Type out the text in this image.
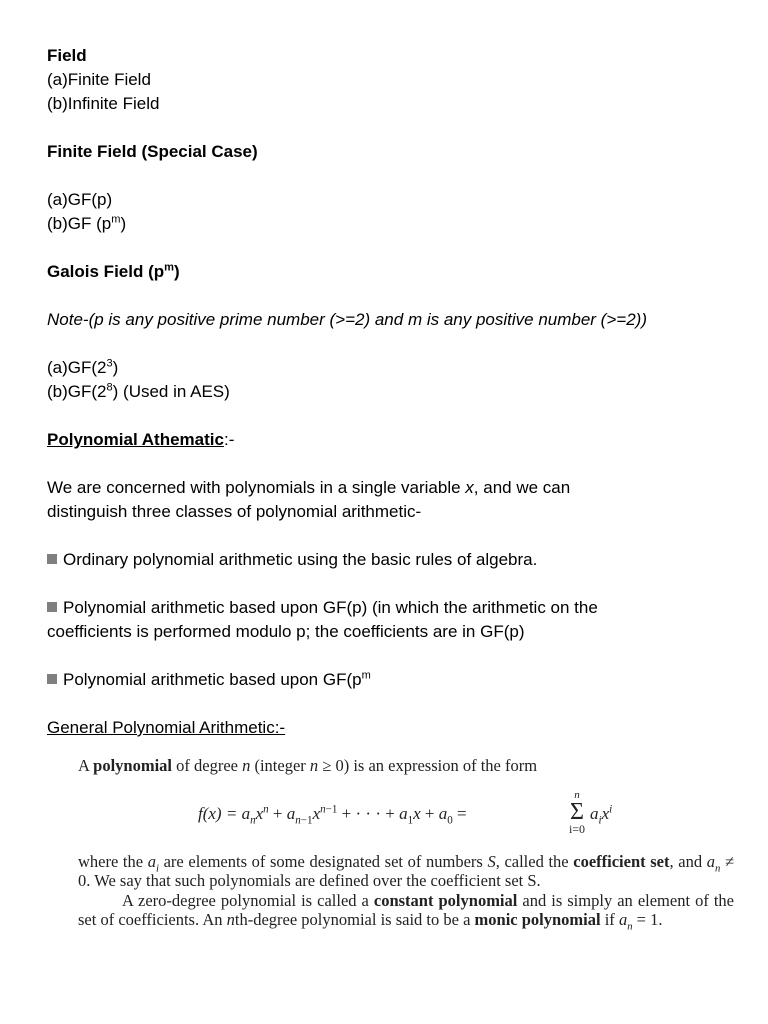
Field
(a)Finite Field
(b)Infinite Field
Finite Field (Special Case)
(a)GF(p)
(b)GF $(p^m)$
Galois Field $(p^m)$
Note-(p is any positive prime number (>=2) and m is any positive number (>=2))
$(a)GF(2^3)$
$(b)GF(2^8)$ (Used in AES)
Polynomial Athematic:-
We are concerned with polynomials in a single variable x, and we can
distinguish three classes of polynomial arithmetic-
Ordinary polynomial arithmetic using the basic rules of algebra.
Polynomial arithmetic based upon GF(p) (in which the arithmetic on the
coefficients is performed modulo p; the coefficients are in GF(p)
Polynomial arithmetic based upon $GF(p^m$
General Polynomial Arithmetic:-

A polynomial of degree n (integer n ≥ 0) is an expression of the form

$f(x) = a_nx^n + a_{n-1}x^{n-1}$ + · · · + $a_1x + a_0$ =
n
Σ
i=0
$a_ix^i$

where the $a_i$ are elements of some designated set of numbers S, called the coefficient set, and $a_n \ne 0$. We say that such polynomials are defined over the coefficient set S.

A zero-degree polynomial is called a constant polynomial and is simply an element of the set of coefficients. An nth-degree polynomial is said to be a monic polynomial if $a_n = 1$.
